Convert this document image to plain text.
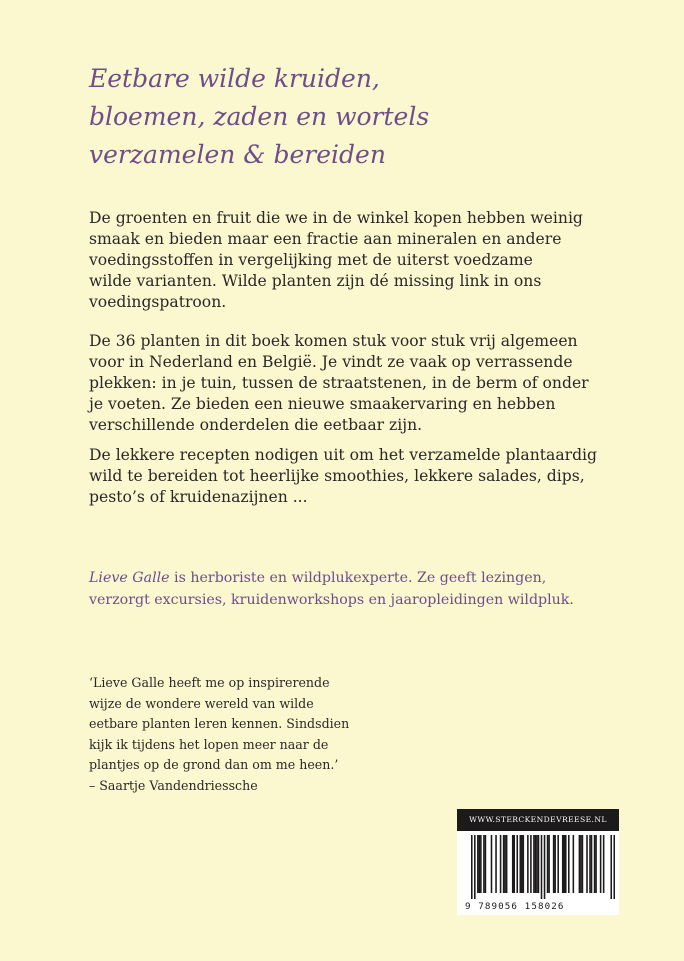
Eetbare wilde kruiden,
bloemen, zaden en wortels
verzamelen & bereiden

De groenten en fruit die we in de winkel kopen hebben weinig
smaak en bieden maar een fractie aan mineralen en andere
voedingsstoffen in vergelijking met de uiterst voedzame
wilde varianten. Wilde planten zijn dé missing link in ons
voedingspatroon.

De 36 planten in dit boek komen stuk voor stuk vrij algemeen
voor in Nederland en België. Je vindt ze vaak op verrassende
plekken: in je tuin, tussen de straatstenen, in de berm of onder
je voeten. Ze bieden een nieuwe smaakervaring en hebben
verschillende onderdelen die eetbaar zijn.

De lekkere recepten nodigen uit om het verzamelde plantaardig
wild te bereiden tot heerlijke smoothies, lekkere salades, dips,
pesto’s of kruidenazijnen ...

Lieve Galle is herboriste en wildplukexperte. Ze geeft lezingen,
verzorgt excursies, kruidenworkshops en jaaropleidingen wildpluk.

‘Lieve Galle heeft me op inspirerende
wijze de wondere wereld van wilde
eetbare planten leren kennen. Sindsdien
kijk ik tijdens het lopen meer naar de
plantjes op de grond dan om me heen.’
– Saartje Vandendriessche
WWW.STERCKENDEVREESE.NL
9 789056 158026
